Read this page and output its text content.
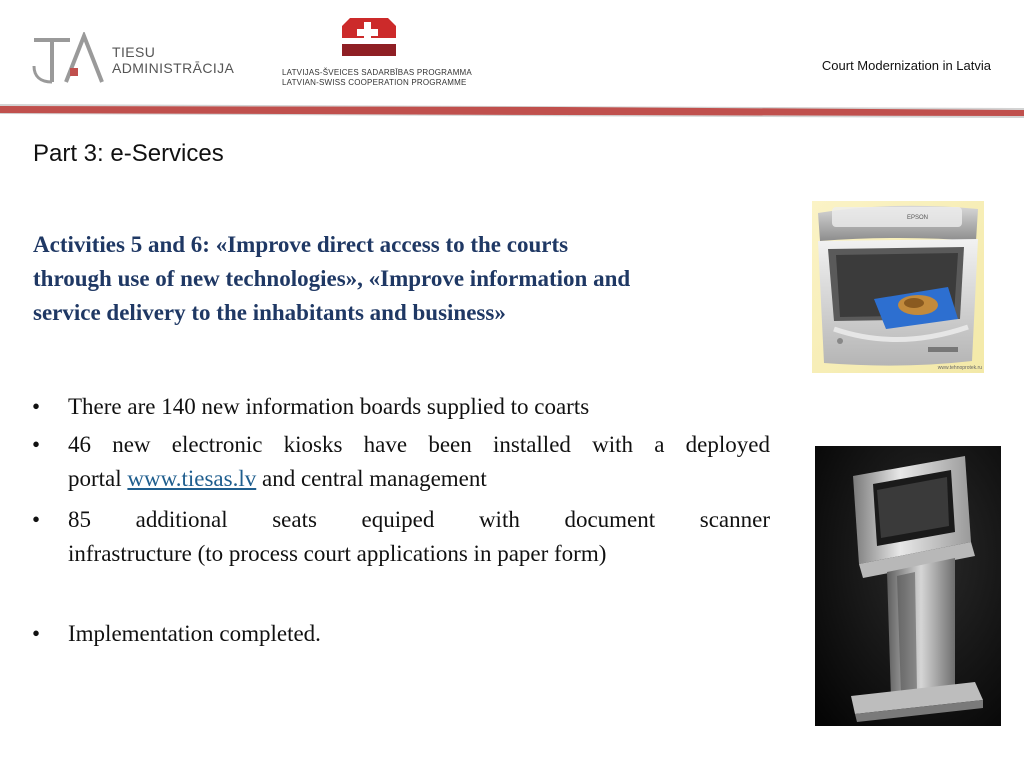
TIESU
ADMINISTRĀCIJA	LATVIJAS-ŠVEICES SADARBĪBAS PROGRAMMA
LATVIAN-SWISS COOPERATION PROGRAMME
Court Modernization in Latvia
Part 3: e-Services
Activities 5 and 6: «Improve direct access to the courts
through use of new technologies», «Improve information and
service delivery to the inhabitants and business»
•	There are 140 new information boards supplied to coarts
•	46 new electronic kiosks have been installed with a deployed
portal www.tiesas.lv and central management
•	85 additional seats equiped with document scanner
infrastructure (to process court applications in paper form)
•	Implementation completed.
EPSON
www.tehnoprotek.ru
